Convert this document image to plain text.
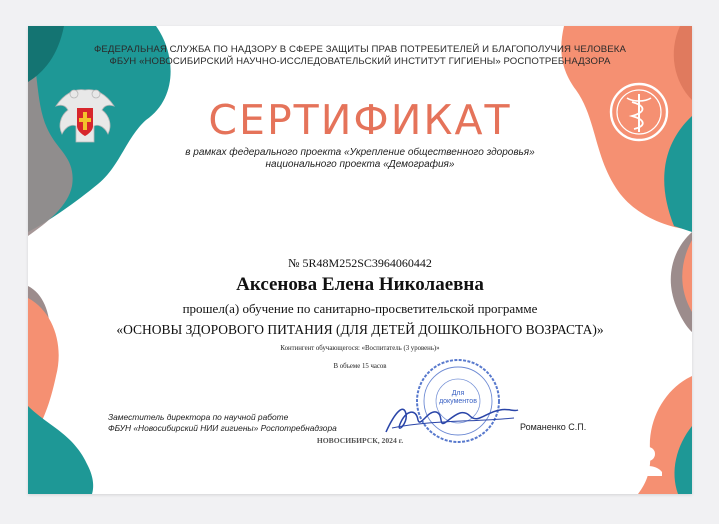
ФЕДЕРАЛЬНАЯ СЛУЖБА ПО НАДЗОРУ В СФЕРЕ ЗАЩИТЫ ПРАВ ПОТРЕБИТЕЛЕЙ И БЛАГОПОЛУЧИЯ ЧЕЛОВЕКА
ФБУН «НОВОСИБИРСКИЙ НАУЧНО-ИССЛЕДОВАТЕЛЬСКИЙ ИНСТИТУТ ГИГИЕНЫ» РОСПОТРЕБНАДЗОРА
СЕРТИФИКАТ
в рамках федерального проекта «Укрепление общественного здоровья»
национального проекта «Демография»
№ 5R48M252SC3964060442
Аксенова Елена Николаевна
прошел(а) обучение по санитарно-просветительской программе
«ОСНОВЫ ЗДОРОВОГО ПИТАНИЯ (ДЛЯ ДЕТЕЙ ДОШКОЛЬНОГО ВОЗРАСТА)»
Контингент обучающегося: «Воспитатель (3 уровень)»
В объеме 15 часов
Для
документов
Заместитель директора по научной работе
ФБУН «Новосибирский НИИ гигиены» Роспотребнадзора	Романенко С.П.
НОВОСИБИРСК, 2024 г.
